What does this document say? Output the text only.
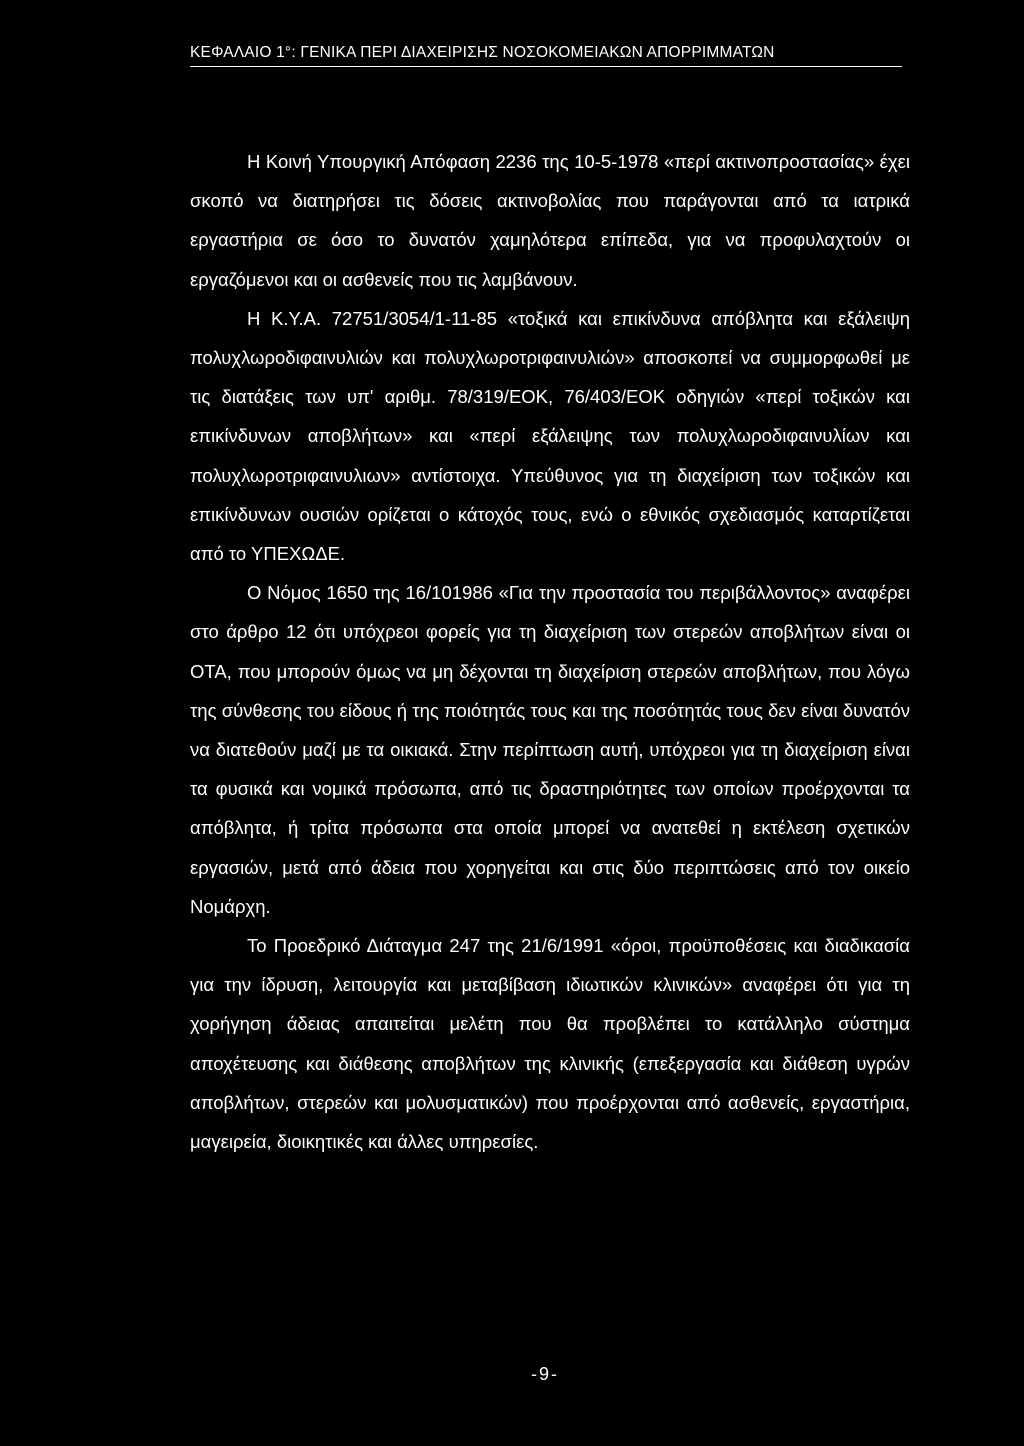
ΚΕΦΑΛΑΙΟ 1°: ΓΕΝΙΚΑ ΠΕΡΙ ΔΙΑΧΕΙΡΙΣΗΣ ΝΟΣΟΚΟΜΕΙΑΚΩΝ ΑΠΟΡΡΙΜΜΑΤΩΝ

Η Κοινή Υπουργική Απόφαση 2236 της 10-5-1978 «περί ακτινοπροστασίας» έχει σκοπό να διατηρήσει τις δόσεις ακτινοβολίας που παράγονται από τα ιατρικά εργαστήρια σε όσο το δυνατόν χαμηλότερα επίπεδα, για να προφυλαχτούν οι εργαζόμενοι και οι ασθενείς που τις λαμβάνουν.

Η Κ.Υ.Α. 72751/3054/1-11-85 «τοξικά και επικίνδυνα απόβλητα και εξάλειψη πολυχλωροδιφαινυλιών και πολυχλωροτριφαινυλιών» αποσκοπεί να συμμορφωθεί με τις διατάξεις των υπ' αριθμ. 78/319/ΕΟΚ, 76/403/ΕΟΚ οδηγιών «περί τοξικών και επικίνδυνων αποβλήτων» και «περί εξάλειψης των πολυχλωροδιφαινυλίων και πολυχλωροτριφαινυλιων» αντίστοιχα. Υπεύθυνος για τη διαχείριση των τοξικών και επικίνδυνων ουσιών ορίζεται ο κάτοχός τους, ενώ ο εθνικός σχεδιασμός καταρτίζεται από το ΥΠΕΧΩΔΕ.

Ο Νόμος 1650 της 16/101986 «Για την προστασία του περιβάλλοντος» αναφέρει στο άρθρο 12 ότι υπόχρεοι φορείς για τη διαχείριση των στερεών αποβλήτων είναι οι ΟΤΑ, που μπορούν όμως να μη δέχονται τη διαχείριση στερεών αποβλήτων, που λόγω της σύνθεσης του είδους ή της ποιότητάς τους και της ποσότητάς τους δεν είναι δυνατόν να διατεθούν μαζί με τα οικιακά. Στην περίπτωση αυτή, υπόχρεοι για τη διαχείριση είναι τα φυσικά και νομικά πρόσωπα, από τις δραστηριότητες των οποίων προέρχονται τα απόβλητα, ή τρίτα πρόσωπα στα οποία μπορεί να ανατεθεί η εκτέλεση σχετικών εργασιών, μετά από άδεια που χορηγείται και στις δύο περιπτώσεις από τον οικείο Νομάρχη.

Το Προεδρικό Διάταγμα 247 της 21/6/1991 «όροι, προϋποθέσεις και διαδικασία για την ίδρυση, λειτουργία και μεταβίβαση ιδιωτικών κλινικών» αναφέρει ότι για τη χορήγηση άδειας απαιτείται μελέτη που θα προβλέπει το κατάλληλο σύστημα αποχέτευσης και διάθεσης αποβλήτων της κλινικής (επεξεργασία και διάθεση υγρών αποβλήτων, στερεών και μολυσματικών) που προέρχονται από ασθενείς, εργαστήρια, μαγειρεία, διοικητικές και άλλες υπηρεσίες.

-9-
